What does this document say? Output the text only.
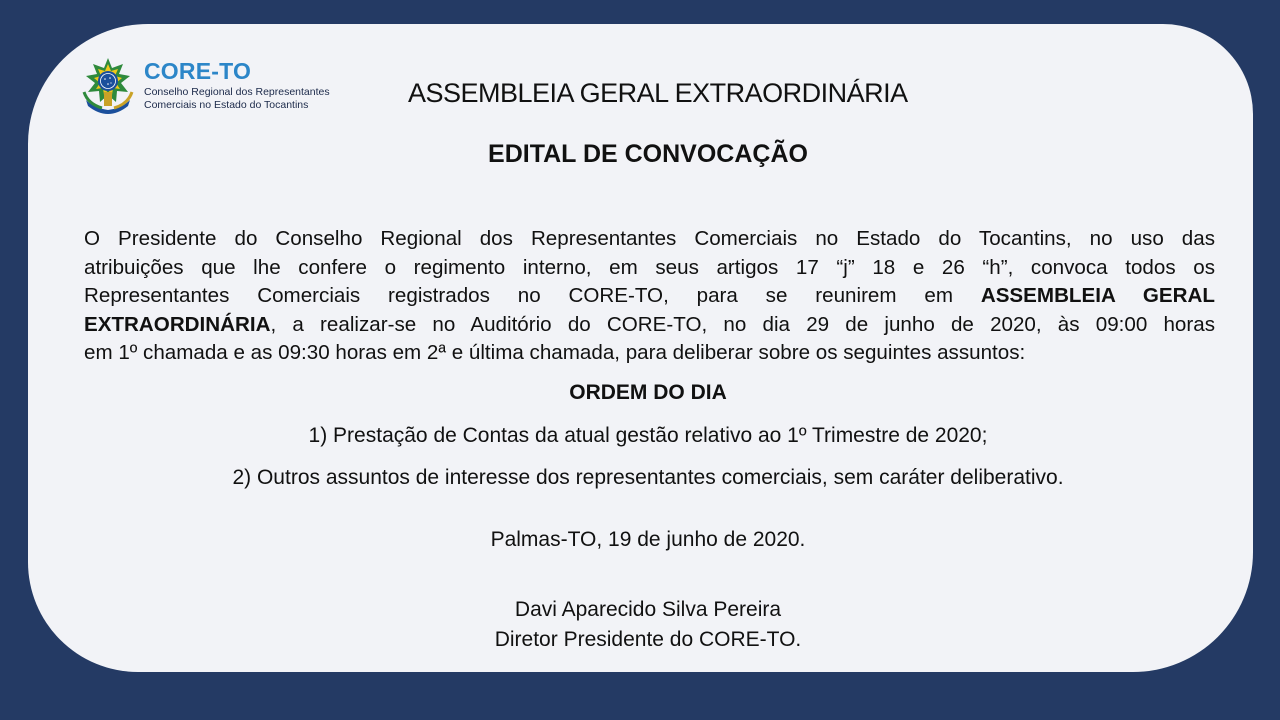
CORE-TO
Conselho Regional dos Representantes
Comerciais no Estado do Tocantins	ASSEMBLEIA GERAL EXTRAORDINÁRIA
EDITAL DE CONVOCAÇÃO
O Presidente do Conselho Regional dos Representantes Comerciais no Estado do Tocantins, no uso das
atribuições que lhe confere o regimento interno, em seus artigos 17 “j” 18 e 26 “h”, convoca todos os
Representantes Comerciais registrados no CORE-TO, para se reunirem em ASSEMBLEIA GERAL
EXTRAORDINÁRIA, a realizar-se no Auditório do CORE-TO, no dia 29 de junho de 2020, às 09:00 horas
em 1º chamada e as 09:30 horas em 2ª e última chamada, para deliberar sobre os seguintes assuntos:
ORDEM DO DIA
1) Prestação de Contas da atual gestão relativo ao 1º Trimestre de 2020;
2) Outros assuntos de interesse dos representantes comerciais, sem caráter deliberativo.
Palmas-TO, 19 de junho de 2020.
Davi Aparecido Silva Pereira
Diretor Presidente do CORE-TO.
